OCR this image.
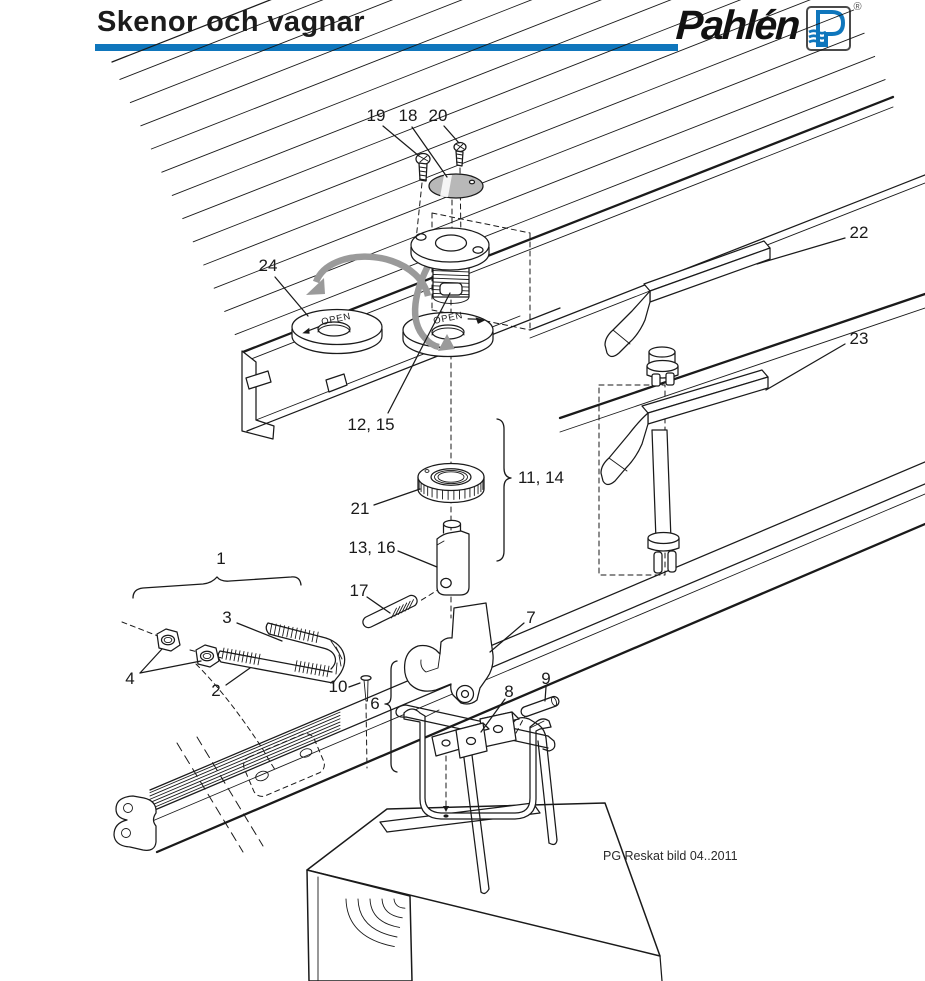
Skenor och vagnar	Pahlén	®
OPEN	OPEN
19 18 20
24
22
23
12, 15
11, 14
21
13, 16
17
1
3
4
2	10
6
7
8
9
PG Reskat bild 04..2011
